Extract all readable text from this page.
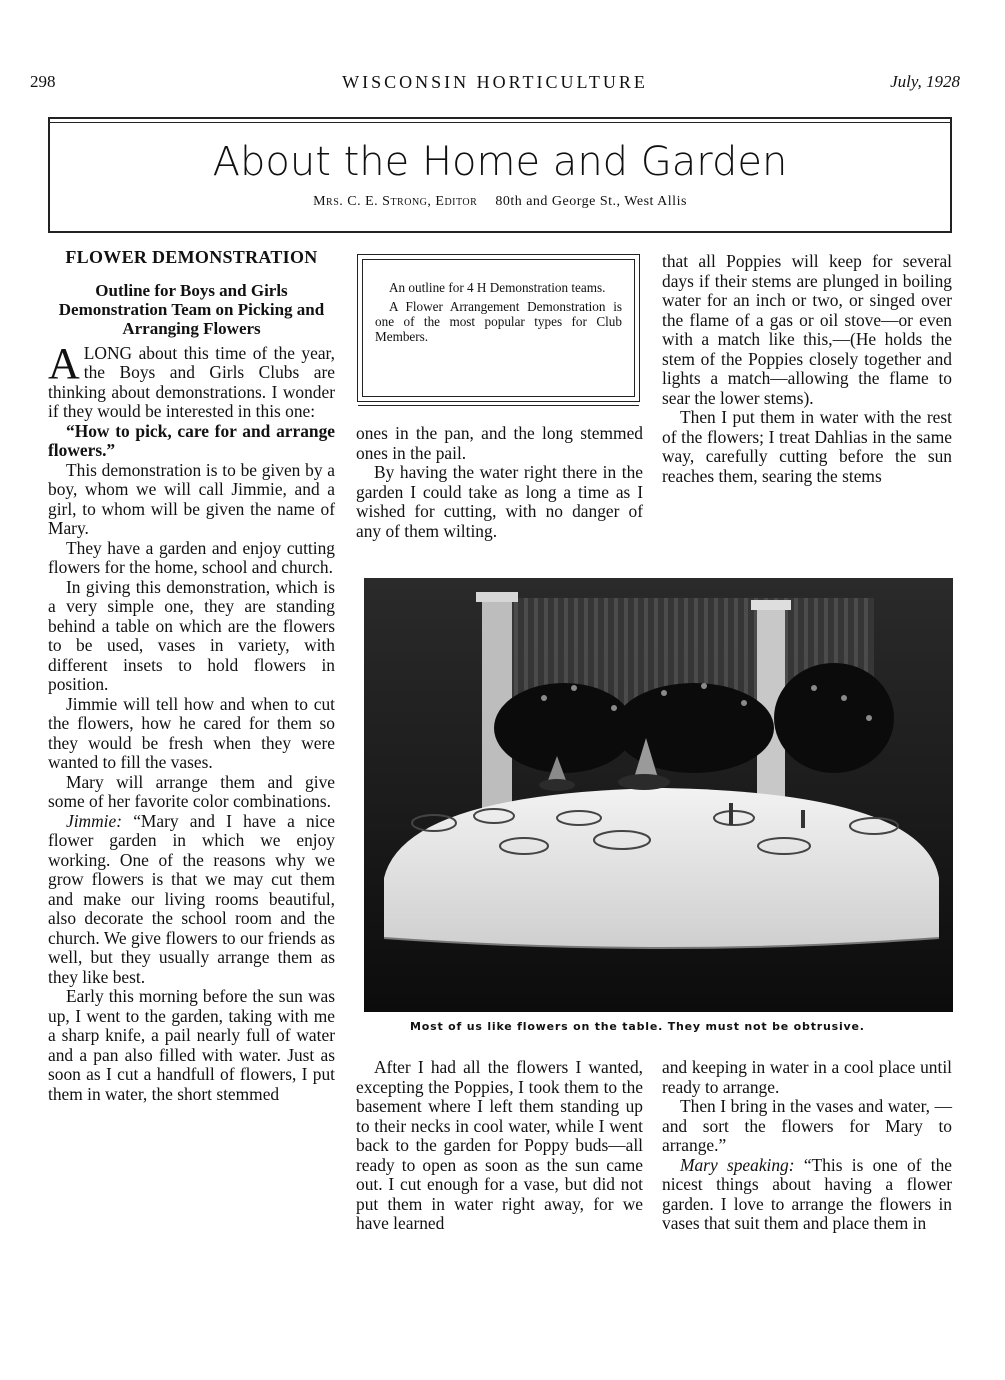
298	WISCONSIN HORTICULTURE	July, 1928
About the Home and Garden
Mrs. C. E. Strong, Editor 80th and George St., West Allis
FLOWER DEMONSTRATION
Outline for Boys and Girls Demonstration Team on Picking and Arranging Flowers

ALONG about this time of the year, the Boys and Girls Clubs are thinking about demonstrations. I wonder if they would be interested in this one:

“How to pick, care for and arrange flowers.”

This demonstration is to be given by a boy, whom we will call Jimmie, and a girl, to whom will be given the name of Mary.

They have a garden and enjoy cutting flowers for the home, school and church.

In giving this demonstration, which is a very simple one, they are standing behind a table on which are the flowers to be used, vases in variety, with different insets to hold flowers in position.

Jimmie will tell how and when to cut the flowers, how he cared for them so they would be fresh when they were wanted to fill the vases.

Mary will arrange them and give some of her favorite color combinations.

Jimmie: “Mary and I have a nice flower garden in which we enjoy working. One of the reasons why we grow flowers is that we may cut them and make our living rooms beautiful, also decorate the school room and the church. We give flowers to our friends as well, but they usually arrange them as they like best.

Early this morning before the sun was up, I went to the garden, taking with me a sharp knife, a pail nearly full of water and a pan also filled with water. Just as soon as I cut a handfull of flowers, I put them in water, the short stemmed

An outline for 4 H Demonstration teams.

A Flower Arrangement Demonstration is one of the most popular types for Club Members.

ones in the pan, and the long stemmed ones in the pail.

By having the water right there in the garden I could take as long a time as I wished for cutting, with no danger of any of them wilting.

that all Poppies will keep for several days if their stems are plunged in boiling water for an inch or two, or singed over the flame of a gas or oil stove—or even with a match like this,—(He holds the stem of the Poppies closely together and lights a match—allowing the flame to sear the lower stems).

Then I put them in water with the rest of the flowers; I treat Dahlias in the same way, carefully cutting before the sun reaches them, searing the stems

Most of us like flowers on the table. They must not be obtrusive.

After I had all the flowers I wanted, excepting the Poppies, I took them to the basement where I left them standing up to their necks in cool water, while I went back to the garden for Poppy buds—all ready to open as soon as the sun came out. I cut enough for a vase, but did not put them in water right away, for we have learned

and keeping in water in a cool place until ready to arrange.

Then I bring in the vases and water, —and sort the flowers for Mary to arrange.”

Mary speaking: “This is one of the nicest things about having a flower garden. I love to arrange the flowers in vases that suit them and place them in
